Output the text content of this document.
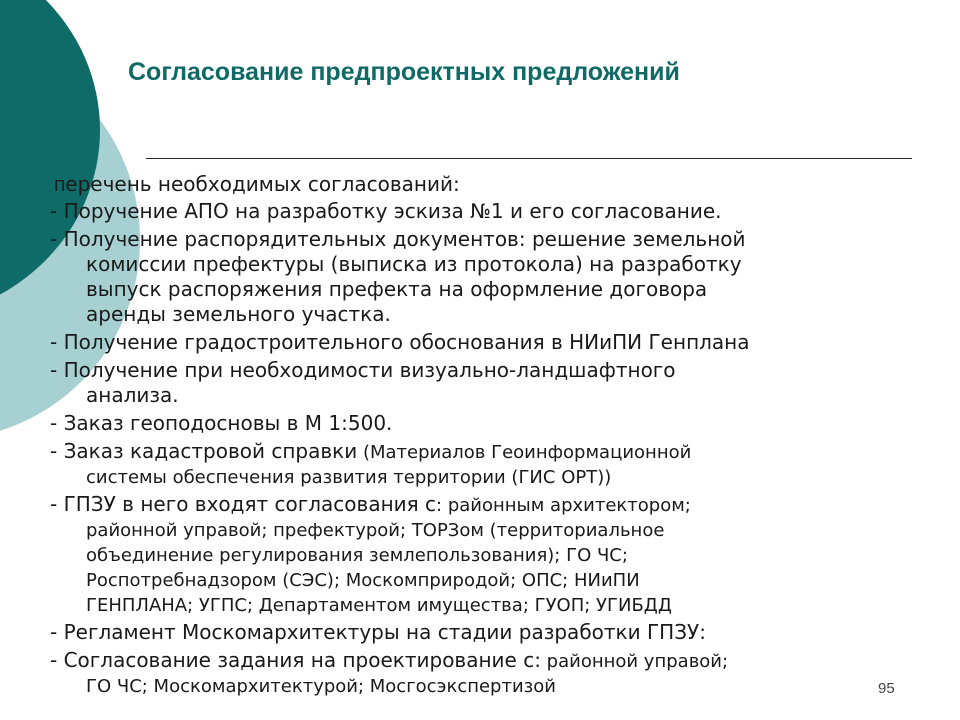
Согласование предпроектных предложений

Перечень необходимых согласований:

- Поручение АПО на разработку эскиза №1 и его согласование.

- Получение распорядительных документов: решение земельной
комиссии префектуры (выписка из протокола) на разработку
выпуск распоряжения префекта на оформление договора
аренды земельного участка.

- Получение градостроительного обоснования в НИиПИ Генплана

- Получение при необходимости визуально-ландшафтного
анализа.

- Заказ геоподосновы в М 1:500.

- Заказ кадастровой справки (Материалов Геоинформационной
системы обеспечения развития территории (ГИС ОРТ))

- ГПЗУ в него входят согласования с: районным архитектором;
районной управой; префектурой; ТОРЗом (территориальное
объединение регулирования землепользования); ГО ЧС;
Роспотребнадзором (СЭС); Москомприродой; ОПС; НИиПИ
ГЕНПЛАНА; УГПС; Департаментом имущества; ГУОП; УГИБДД

- Регламент Москомархитектуры на стадии разработки ГПЗУ:

- Согласование задания на проектирование с: районной управой;
ГО ЧС; Москомархитектурой; Мосгосэкспертизой	95
